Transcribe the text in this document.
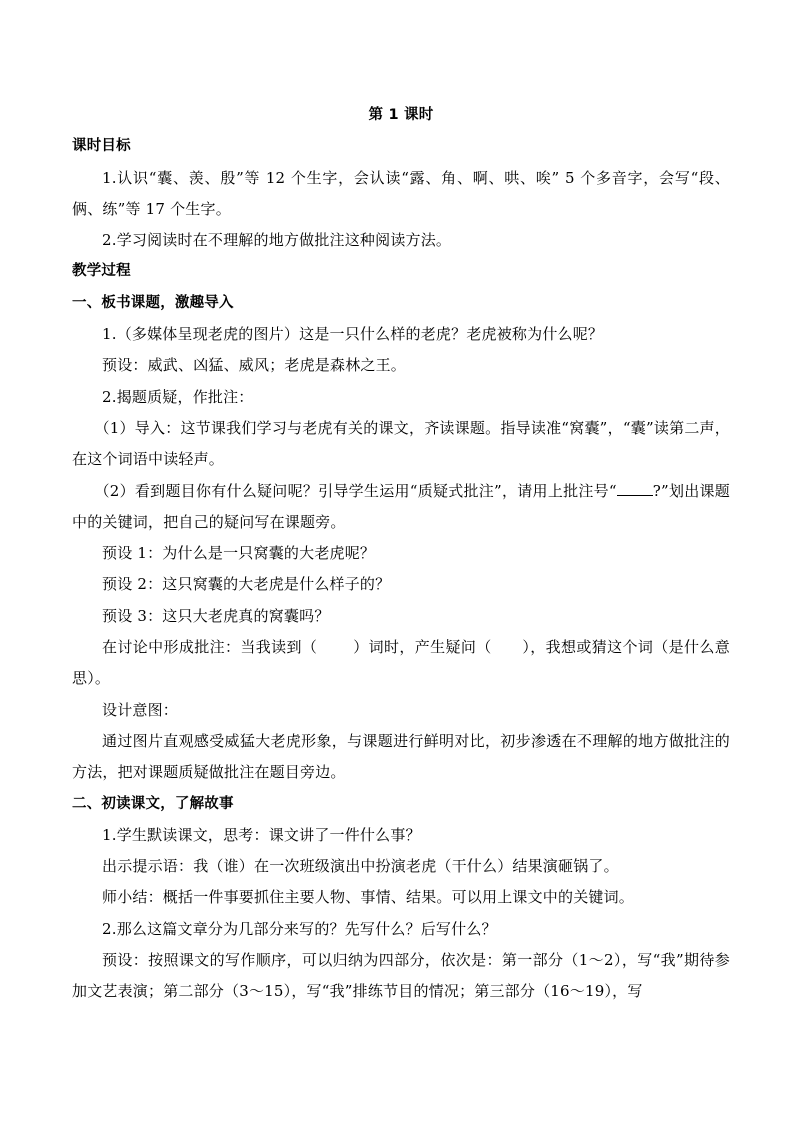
第 1 课时
课时目标

1.认识“囊、羡、殷”等 12 个生字，会认读“露、角、啊、哄、唉” 5 个多音字，会写“段、俩、练”等 17 个生字。

2.学习阅读时在不理解的地方做批注这种阅读方法。

教学过程
一、板书课题，激趣导入

1.（多媒体呈现老虎的图片）这是一只什么样的老虎？老虎被称为什么呢？

预设：威武、凶猛、威风；老虎是森林之王。

2.揭题质疑，作批注：

（1）导入：这节课我们学习与老虎有关的课文，齐读课题。指导读准“窝囊”，“囊”读第二声，在这个词语中读轻声。

（2）看到题目你有什么疑问呢？引导学生运用“质疑式批注”，请用上批注号“ ?”划出课题中的关键词，把自己的疑问写在课题旁。

预设 1：为什么是一只窝囊的大老虎呢？

预设 2：这只窝囊的大老虎是什么样子的？

预设 3：这只大老虎真的窝囊吗？

在讨论中形成批注：当我读到（　　 ）词时，产生疑问（　　），我想或猜这个词（是什么意思）。

设计意图：

通过图片直观感受威猛大老虎形象，与课题进行鲜明对比，初步渗透在不理解的地方做批注的方法，把对课题质疑做批注在题目旁边。

二、初读课文，了解故事

1.学生默读课文，思考：课文讲了一件什么事？

出示提示语：我（谁）在一次班级演出中扮演老虎（干什么）结果演砸锅了。

师小结：概括一件事要抓住主要人物、事情、结果。可以用上课文中的关键词。

2.那么这篇文章分为几部分来写的？先写什么？后写什么？

预设：按照课文的写作顺序，可以归纳为四部分，依次是：第一部分（1～2），写“我”期待参加文艺表演；第二部分（3～15），写“我”排练节目的情况；第三部分（16～19），写
